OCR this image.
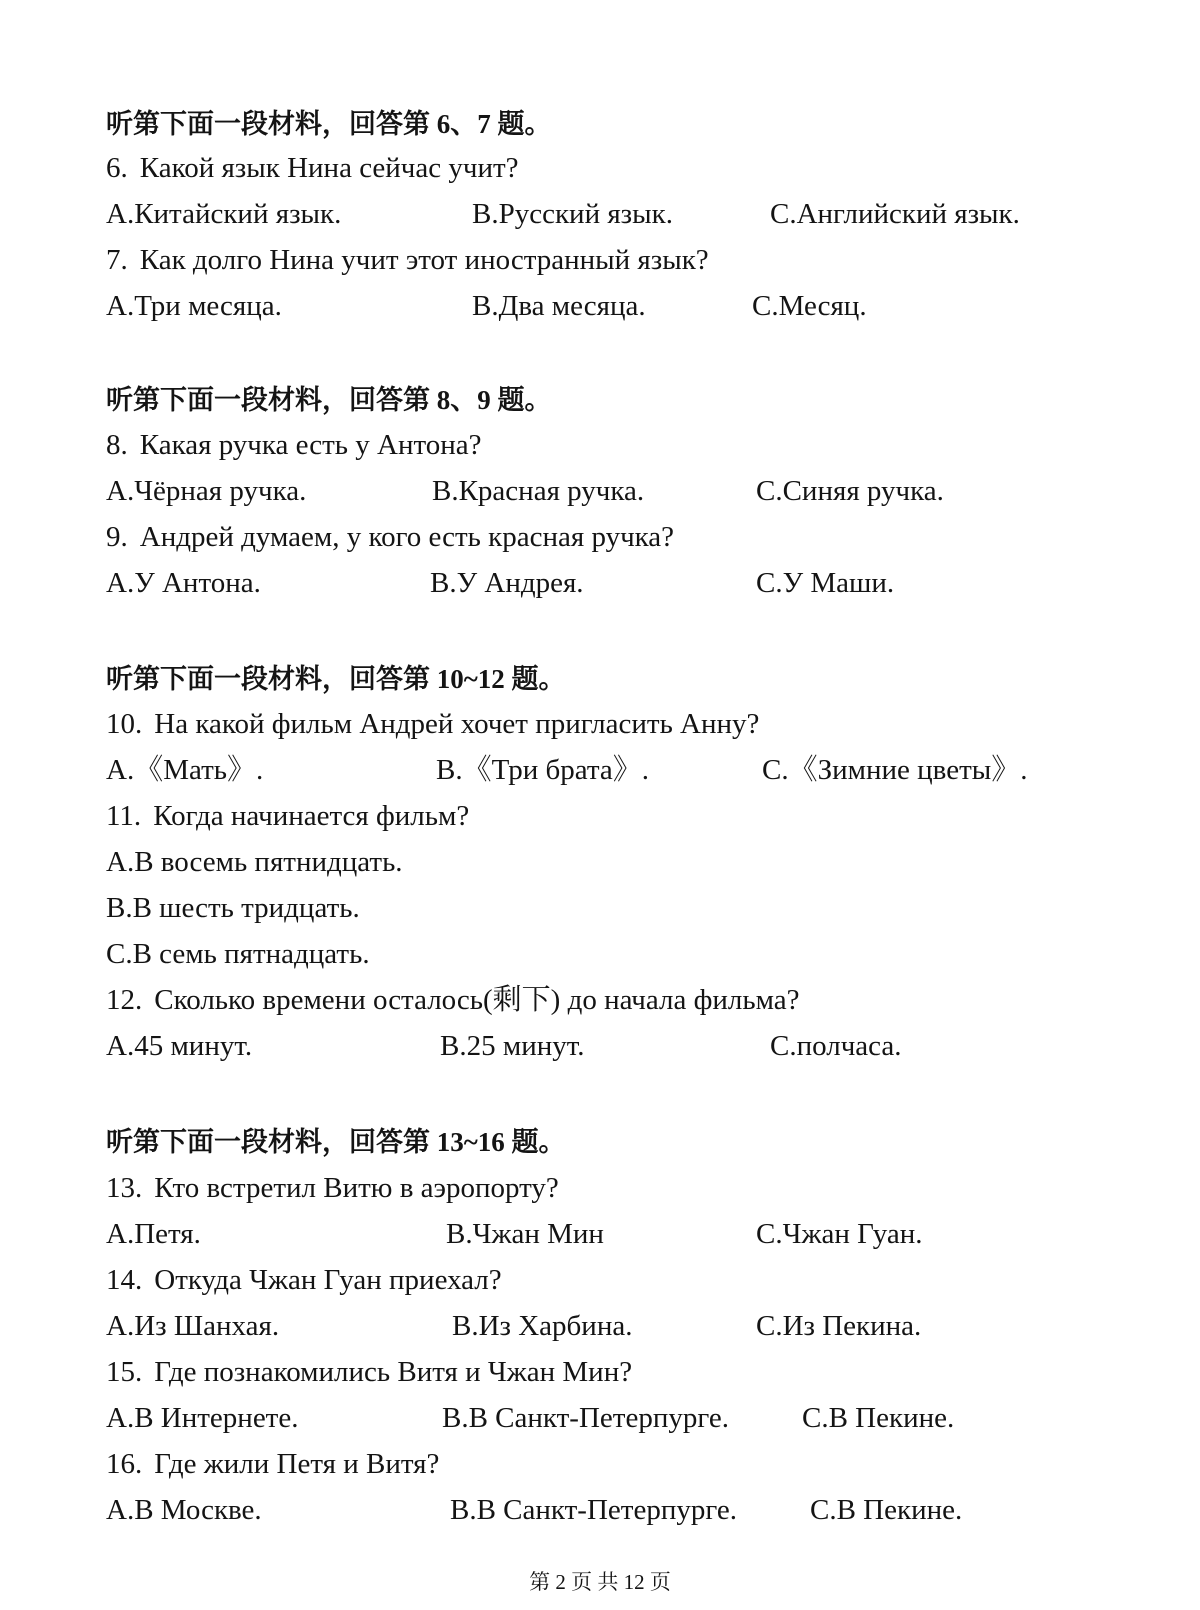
听第下面一段材料，回答第 6、7 题。
6. Какой язык Нина сейчас учит?
A.Китайский язык.	B.Русский язык.	C.Английский язык.
7. Как долго Нина учит этот иностранный язык?
A.Три месяца.	B.Два месяца.	C.Месяц.
听第下面一段材料，回答第 8、9 题。
8. Какая ручка есть у Антона?
A.Чёрная ручка.	B.Красная ручка.	C.Синяя ручка.
9. Андрей думаем, у кого есть красная ручка?
A.У Антона.	B.У Андрея.	C.У Маши.
听第下面一段材料，回答第 10~12 题。
10. На какой фильм Андрей хочет пригласить Анну?
A.《Мать》.	B.《Три брата》.	C.《Зимние цветы》.
11. Когда начинается фильм?
A.В восемь пятнидцать.
B.В шесть тридцать.
C.В семь пятнадцать.
12. Сколько времени осталось(剩下) до начала фильма?
A.45 минут.	B.25 минут.	C.полчаса.
听第下面一段材料，回答第 13~16 题。
13. Кто встретил Витю в аэропорту?
A.Петя.	B.Чжан Мин	C.Чжан Гуан.
14. Откуда Чжан Гуан приехал?
A.Из Шанхая.	B.Из Харбина.	C.Из Пекина.
15. Где познакомились Витя и Чжан Мин?
A.В Интернете.	B.В Санкт-Петерпурге.	C.В Пекине.
16. Где жили Петя и Витя?
A.В Москве.	B.В Санкт-Петерпурге.	C.В Пекине.
第 2 页 共 12 页
